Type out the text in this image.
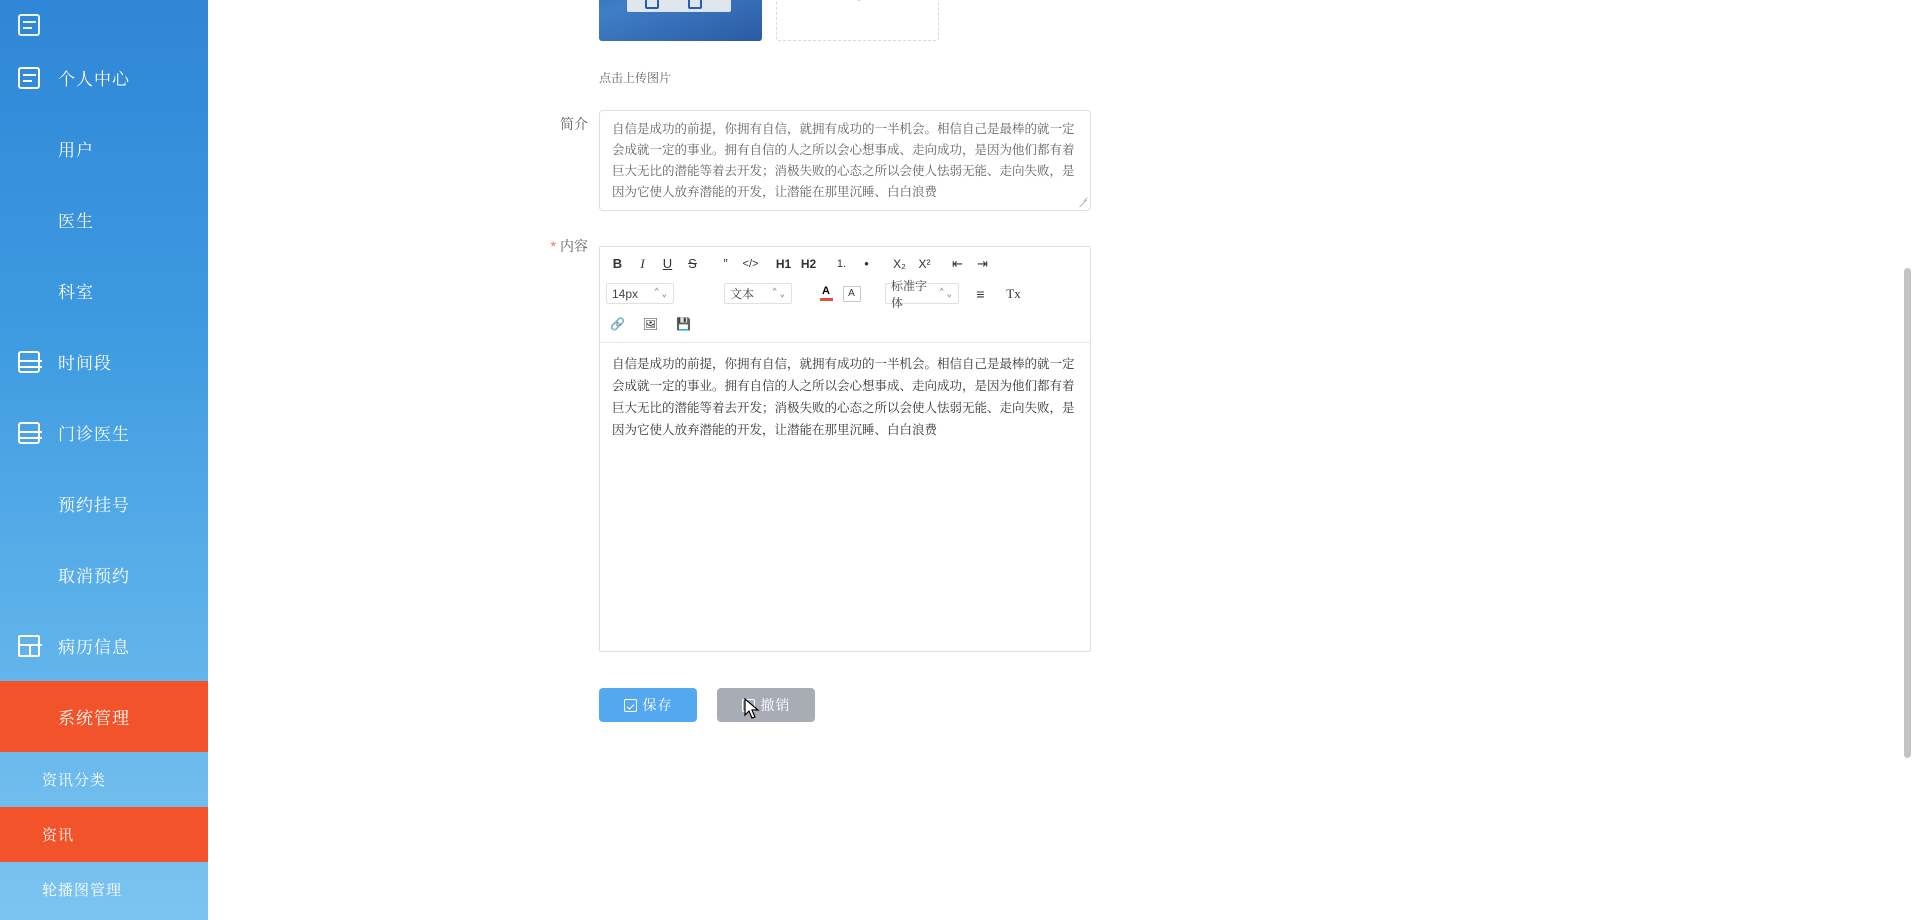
个人中心
用户
医生
科室
时间段
门诊医生
预约挂号
取消预约
病历信息
系统管理
资讯分类
资讯
轮播图管理
点击上传图片
简介
自信是成功的前提，你拥有自信，就拥有成功的一半机会。相信自己是最棒的就一定会成就一定的事业。拥有自信的人之所以会心想事成、走向成功，是因为他们都有着巨大无比的潜能等着去开发；消极失败的心态之所以会使人怯弱无能、走向失败，是因为它使人放弃潜能的开发，让潜能在那里沉睡、白白浪费
* 内容
B	I	U	S	”	</>	H1 H2	1.	•	X₂	X²	⇤	⇥
14px ⌃⌄	文本 ⌃⌄	A A
标准字体
⌃⌄	≡	Tx
🔗	🖼	💾
自信是成功的前提，你拥有自信，就拥有成功的一半机会。相信自己是最棒的就一定会成就一定的事业。拥有自信的人之所以会心想事成、走向成功，是因为他们都有着巨大无比的潜能等着去开发；消极失败的心态之所以会使人怯弱无能、走向失败，是因为它使人放弃潜能的开发，让潜能在那里沉睡、白白浪费
保存	撤销
